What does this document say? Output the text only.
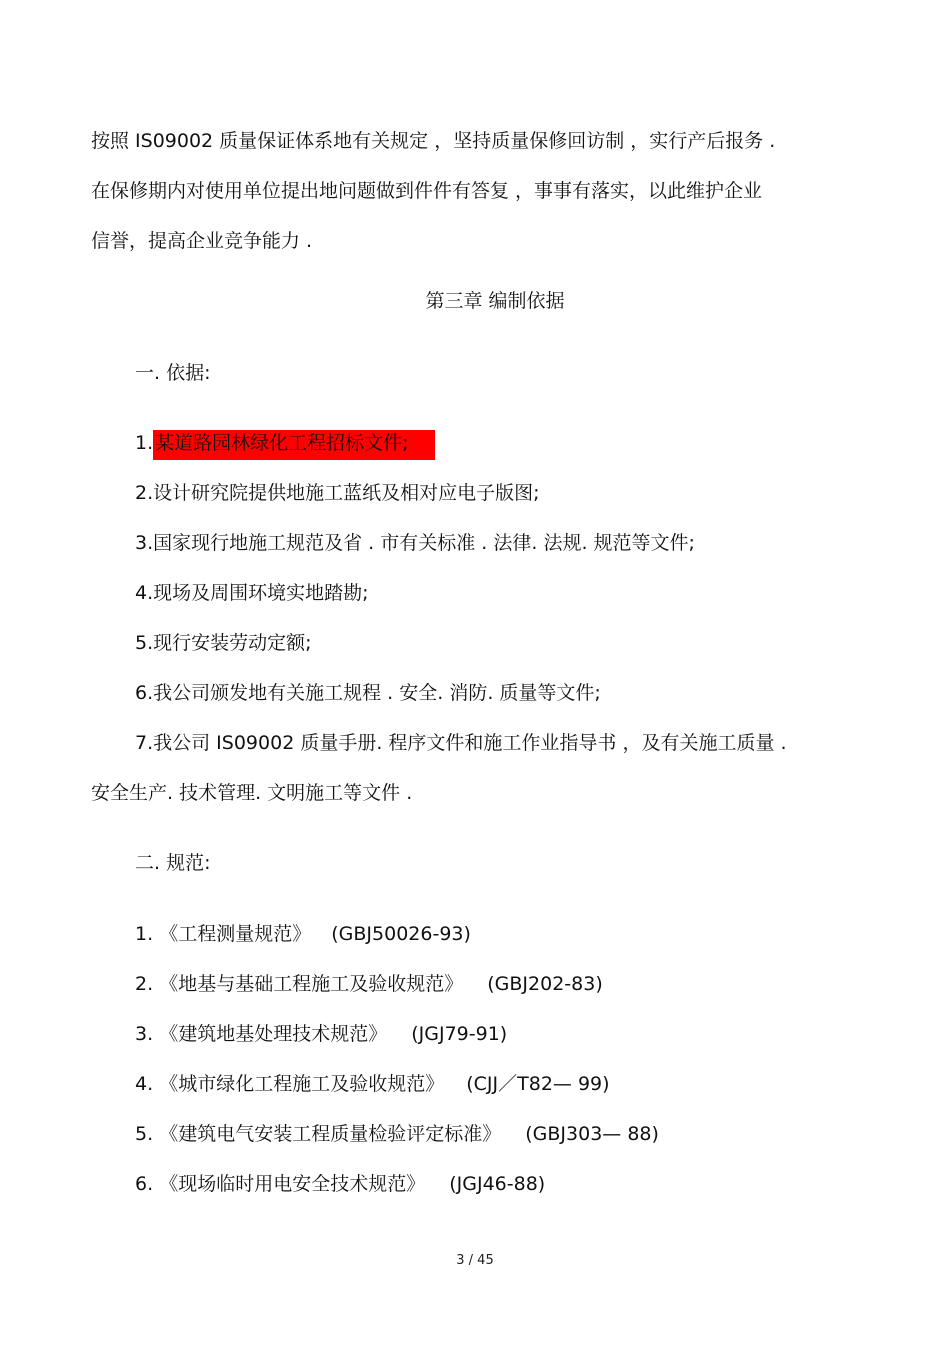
按照 IS09002 质量保证体系地有关规定 ，坚持质量保修回访制 ，实行产后报务 .
在保修期内对使用单位提出地问题做到件件有答复 ，事事有落实，以此维护企业
信誉，提高企业竞争能力 .
第三章 编制依据
一. 依据:
1. 某道路园林绿化工程招标文件;
2.设计研究院提供地施工蓝纸及相对应电子版图;
3.国家现行地施工规范及省 . 市有关标准 . 法律. 法规. 规范等文件;
4.现场及周围环境实地踏勘;
5.现行安装劳动定额;
6.我公司颁发地有关施工规程 . 安全. 消防. 质量等文件;
7.我公司 IS09002 质量手册. 程序文件和施工作业指导书 ，及有关施工质量 .
安全生产. 技术管理. 文明施工等文件 .
二. 规范:
1. 《工程测量规范》 (GBJ50026-93)
2. 《地基与基础工程施工及验收规范》 (GBJ202-83)
3. 《建筑地基处理技术规范》 (JGJ79-91)
4. 《城市绿化工程施工及验收规范》 (CJJ／T82— 99)
5. 《建筑电气安装工程质量检验评定标准》 (GBJ303— 88)
6. 《现场临时用电安全技术规范》 (JGJ46-88)
3 / 45
